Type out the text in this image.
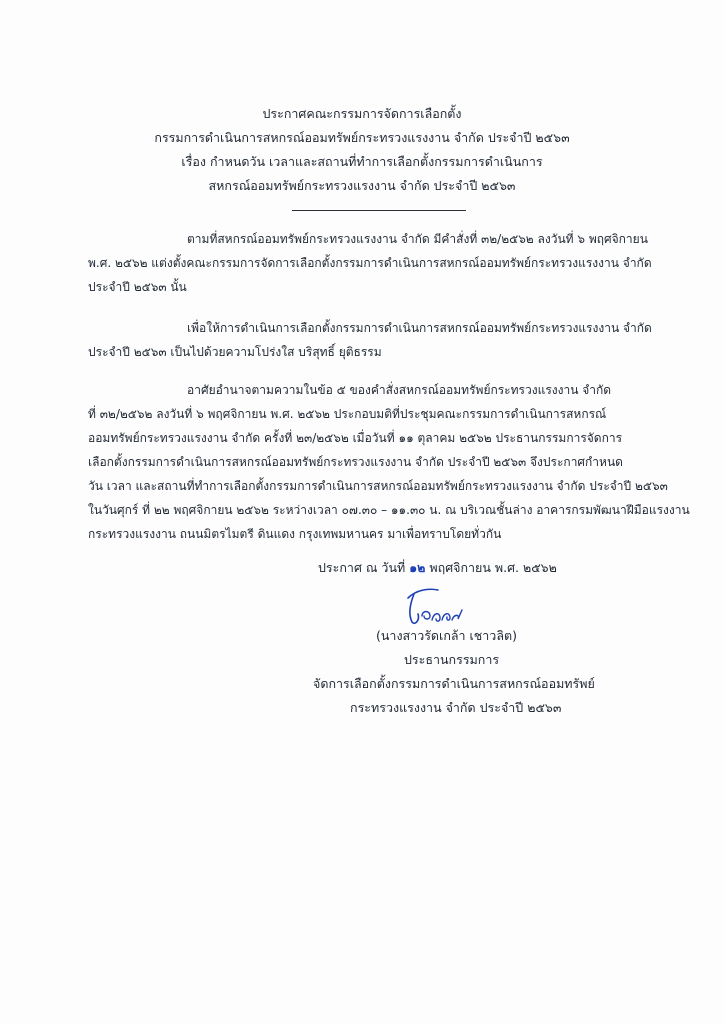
ประกาศคณะกรรมการจัดการเลือกตั้ง
กรรมการดำเนินการสหกรณ์ออมทรัพย์กระทรวงแรงงาน จำกัด ประจำปี ๒๕๖๓
เรื่อง กำหนดวัน เวลาและสถานที่ทำการเลือกตั้งกรรมการดำเนินการ
สหกรณ์ออมทรัพย์กระทรวงแรงงาน จำกัด ประจำปี ๒๕๖๓
ตามที่สหกรณ์ออมทรัพย์กระทรวงแรงงาน จำกัด มีคำสั่งที่ ๓๒/๒๕๖๒ ลงวันที่ ๖ พฤศจิกายน
พ.ศ. ๒๕๖๒ แต่งตั้งคณะกรรมการจัดการเลือกตั้งกรรมการดำเนินการสหกรณ์ออมทรัพย์กระทรวงแรงงาน จำกัด
ประจำปี ๒๕๖๓ นั้น
เพื่อให้การดำเนินการเลือกตั้งกรรมการดำเนินการสหกรณ์ออมทรัพย์กระทรวงแรงงาน จำกัด
ประจำปี ๒๕๖๓ เป็นไปด้วยความโปร่งใส บริสุทธิ์ ยุติธรรม
อาศัยอำนาจตามความในข้อ ๕ ของคำสั่งสหกรณ์ออมทรัพย์กระทรวงแรงงาน จำกัด
ที่ ๓๒/๒๕๖๒ ลงวันที่ ๖ พฤศจิกายน พ.ศ. ๒๕๖๒ ประกอบมติที่ประชุมคณะกรรมการดำเนินการสหกรณ์
ออมทรัพย์กระทรวงแรงงาน จำกัด ครั้งที่ ๒๓/๒๕๖๒ เมื่อวันที่ ๑๑ ตุลาคม ๒๕๖๒ ประธานกรรมการจัดการ
เลือกตั้งกรรมการดำเนินการสหกรณ์ออมทรัพย์กระทรวงแรงงาน จำกัด ประจำปี ๒๕๖๓ จึงประกาศกำหนด
วัน เวลา และสถานที่ทำการเลือกตั้งกรรมการดำเนินการสหกรณ์ออมทรัพย์กระทรวงแรงงาน จำกัด ประจำปี ๒๕๖๓
ในวันศุกร์ ที่ ๒๒ พฤศจิกายน ๒๕๖๒ ระหว่างเวลา ๐๗.๓๐ – ๑๑.๓๐ น. ณ บริเวณชั้นล่าง อาคารกรมพัฒนาฝีมือแรงงาน
กระทรวงแรงงาน ถนนมิตรไมตรี ดินแดง กรุงเทพมหานคร มาเพื่อทราบโดยทั่วกัน
ประกาศ ณ วันที่ ๑๒ พฤศจิกายน พ.ศ. ๒๕๖๒
(นางสาวรัดเกล้า เชาวลิต)
ประธานกรรมการ
จัดการเลือกตั้งกรรมการดำเนินการสหกรณ์ออมทรัพย์
กระทรวงแรงงาน จำกัด ประจำปี ๒๕๖๓
